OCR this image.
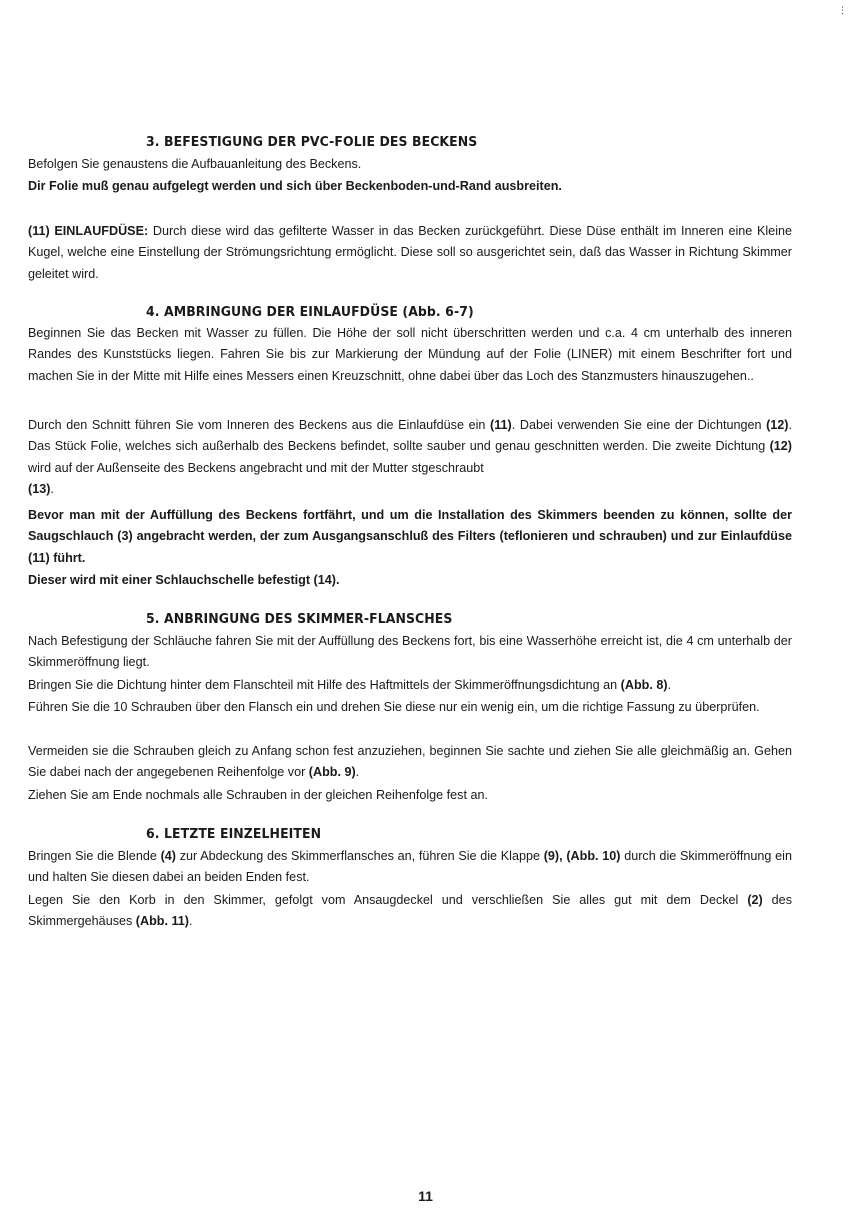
⋮
3. BEFESTIGUNG DER PVC-FOLIE DES BECKENS
Befolgen Sie genaustens die Aufbauanleitung des Beckens.
Dir Folie muß genau aufgelegt werden und sich über Beckenboden-und-Rand ausbreiten.
(11) EINLAUFDÜSE: Durch diese wird das gefilterte Wasser in das Becken zurückgeführt. Diese Düse enthält im Inneren eine Kleine Kugel, welche eine Einstellung der Strömungsrichtung ermöglicht. Diese soll so ausgerichtet sein, daß das Wasser in Richtung Skimmer geleitet wird.
4. AMBRINGUNG DER EINLAUFDÜSE (Abb. 6-7)
Beginnen Sie das Becken mit Wasser zu füllen. Die Höhe der soll nicht überschritten werden und c.a. 4 cm unterhalb des inneren Randes des Kunststücks liegen. Fahren Sie bis zur Markierung der Mündung auf der Folie (LINER) mit einem Beschrifter fort und machen Sie in der Mitte mit Hilfe eines Messers einen Kreuzschnitt, ohne dabei über das Loch des Stanzmusters hinauszugehen..
Durch den Schnitt führen Sie vom Inneren des Beckens aus die Einlaufdüse ein (11). Dabei verwenden Sie eine der Dichtungen (12). Das Stück Folie, welches sich außerhalb des Beckens befindet, sollte sauber und genau geschnitten werden. Die zweite Dichtung (12) wird auf der Außenseite des Beckens angebracht und mit der Mutter stgeschraubt
(13).
Bevor man mit der Auffüllung des Beckens fortfährt, und um die Installation des Skimmers beenden zu können, sollte der Saugschlauch (3) angebracht werden, der zum Ausgangsanschluß des Filters (teflonieren und schrauben) und zur Einlaufdüse (11) führt.
Dieser wird mit einer Schlauchschelle befestigt (14).
5. ANBRINGUNG DES SKIMMER-FLANSCHES
Nach Befestigung der Schläuche fahren Sie mit der Auffüllung des Beckens fort, bis eine Wasserhöhe erreicht ist, die 4 cm unterhalb der Skimmeröffnung liegt.
Bringen Sie die Dichtung hinter dem Flanschteil mit Hilfe des Haftmittels der Skimmeröffnungsdichtung an (Abb. 8).
Führen Sie die 10 Schrauben über den Flansch ein und drehen Sie diese nur ein wenig ein, um die richtige Fassung zu überprüfen.
Vermeiden sie die Schrauben gleich zu Anfang schon fest anzuziehen, beginnen Sie sachte und ziehen Sie alle gleichmäßig an. Gehen Sie dabei nach der angegebenen Reihenfolge vor (Abb. 9).
Ziehen Sie am Ende nochmals alle Schrauben in der gleichen Reihenfolge fest an.
6. LETZTE EINZELHEITEN
Bringen Sie die Blende (4) zur Abdeckung des Skimmerflansches an, führen Sie die Klappe (9), (Abb. 10) durch die Skimmeröffnung ein und halten Sie diesen dabei an beiden Enden fest.
Legen Sie den Korb in den Skimmer, gefolgt vom Ansaugdeckel und verschließen Sie alles gut mit dem Deckel (2) des Skimmergehäuses (Abb. 11).
11
